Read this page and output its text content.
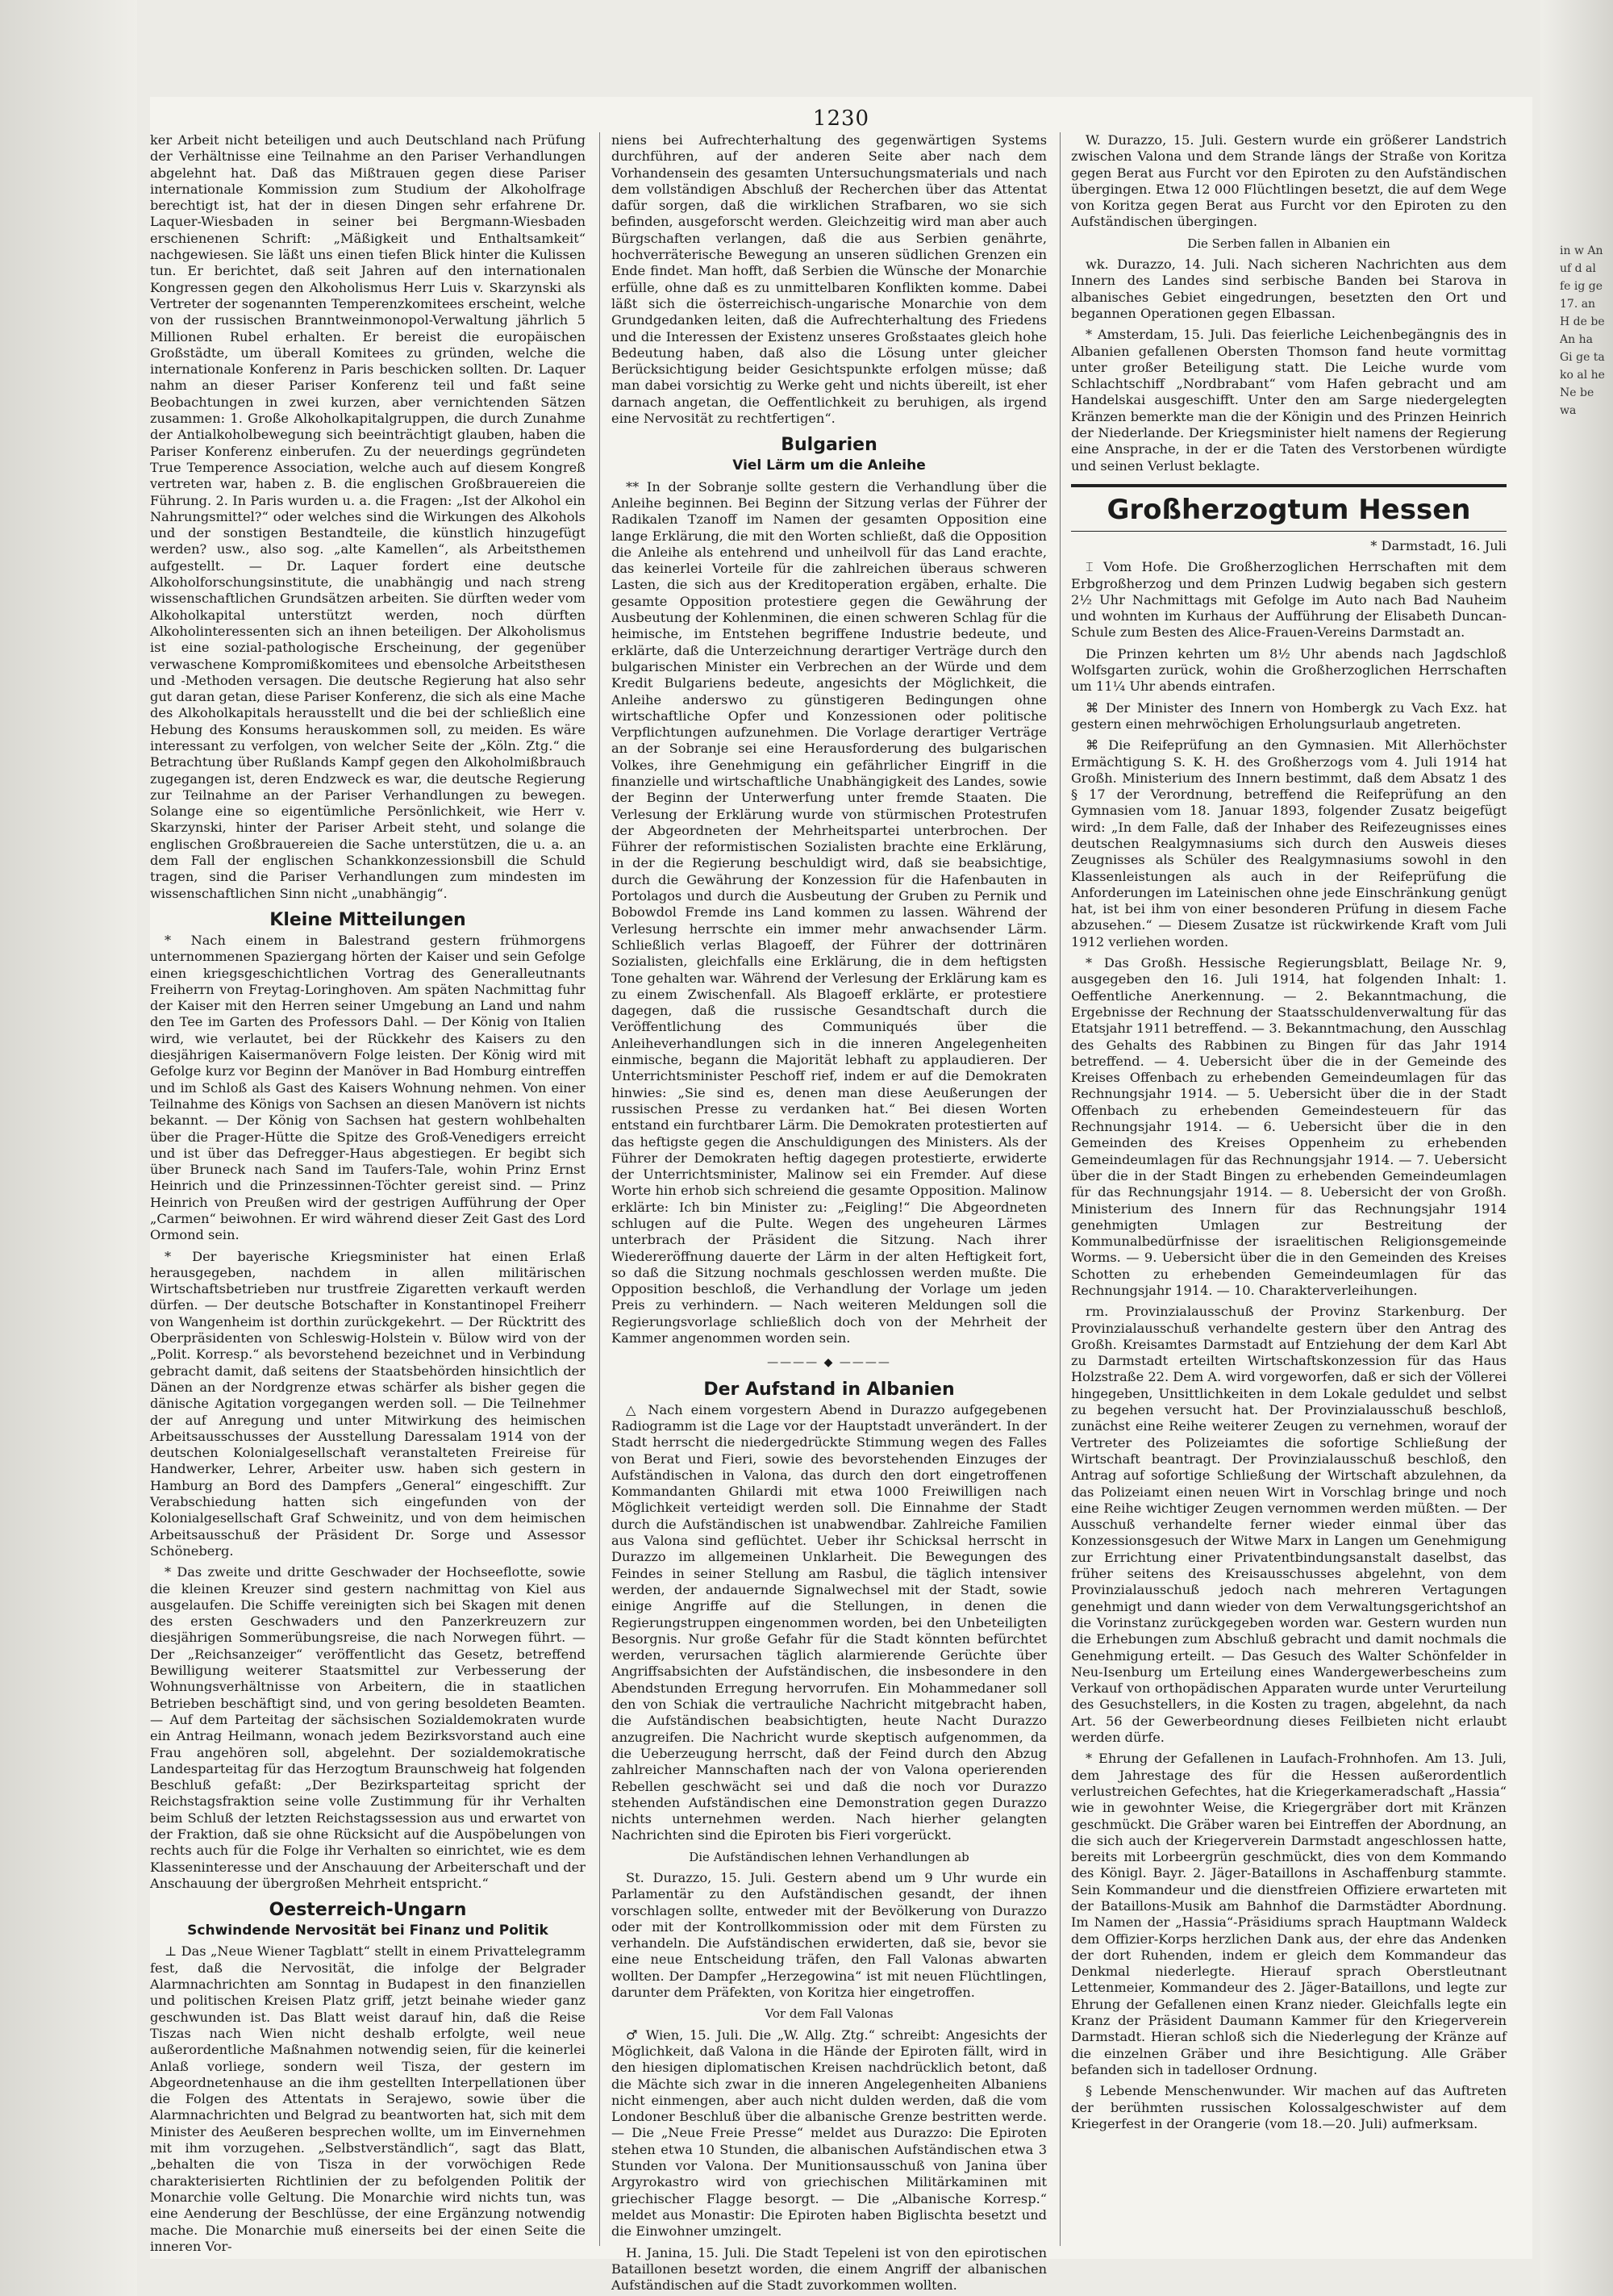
in w An uf d al fe ig ge 17. an H de be An ha Gi ge ta ko al he Ne be wa
1230

ker Arbeit nicht beteiligen und auch Deutschland nach Prüfung der Verhältnisse eine Teilnahme an den Pariser Verhandlungen abgelehnt hat. Daß das Mißtrauen gegen diese Pariser internationale Kommission zum Studium der Alkoholfrage berechtigt ist, hat der in diesen Dingen sehr erfahrene Dr. Laquer-Wiesbaden in seiner bei Bergmann-Wiesbaden erschienenen Schrift: „Mäßigkeit und Enthaltsamkeit“ nachgewiesen. Sie läßt uns einen tiefen Blick hinter die Kulissen tun. Er berichtet, daß seit Jahren auf den internationalen Kongressen gegen den Alkoholismus Herr Luis v. Skarzynski als Vertreter der sogenannten Temperenzkomitees erscheint, welche von der russischen Branntweinmonopol-Verwaltung jährlich 5 Millionen Rubel erhalten. Er bereist die europäischen Großstädte, um überall Komitees zu gründen, welche die internationale Konferenz in Paris beschicken sollten. Dr. Laquer nahm an dieser Pariser Konferenz teil und faßt seine Beobachtungen in zwei kurzen, aber vernichtenden Sätzen zusammen: 1. Große Alkoholkapitalgruppen, die durch Zunahme der Antialkoholbewegung sich beeinträchtigt glauben, haben die Pariser Konferenz einberufen. Zu der neuerdings gegründeten True Temperence Association, welche auch auf diesem Kongreß vertreten war, haben z. B. die englischen Großbrauereien die Führung. 2. In Paris wurden u. a. die Fragen: „Ist der Alkohol ein Nahrungsmittel?“ oder welches sind die Wirkungen des Alkohols und der sonstigen Bestandteile, die künstlich hinzugefügt werden? usw., also sog. „alte Kamellen“, als Arbeitsthemen aufgestellt. — Dr. Laquer fordert eine deutsche Alkoholforschungsinstitute, die unabhängig und nach streng wissenschaftlichen Grundsätzen arbeiten. Sie dürften weder vom Alkoholkapital unterstützt werden, noch dürften Alkoholinteressenten sich an ihnen beteiligen. Der Alkoholismus ist eine sozial-pathologische Erscheinung, der gegenüber verwaschene Kompromißkomitees und ebensolche Arbeitsthesen und -Methoden versagen. Die deutsche Regierung hat also sehr gut daran getan, diese Pariser Konferenz, die sich als eine Mache des Alkoholkapitals herausstellt und die bei der schließlich eine Hebung des Konsums herauskommen soll, zu meiden. Es wäre interessant zu verfolgen, von welcher Seite der „Köln. Ztg.“ die Betrachtung über Rußlands Kampf gegen den Alkoholmißbrauch zugegangen ist, deren Endzweck es war, die deutsche Regierung zur Teilnahme an der Pariser Verhandlungen zu bewegen. Solange eine so eigentümliche Persönlichkeit, wie Herr v. Skarzynski, hinter der Pariser Arbeit steht, und solange die englischen Großbrauereien die Sache unterstützen, die u. a. an dem Fall der englischen Schankkonzessionsbill die Schuld tragen, sind die Pariser Verhandlungen zum mindesten im wissenschaftlichen Sinn nicht „unabhängig“.

Kleine Mitteilungen

* Nach einem in Balestrand gestern frühmorgens unternommenen Spaziergang hörten der Kaiser und sein Gefolge einen kriegsgeschichtlichen Vortrag des Generalleutnants Freiherrn von Freytag-Loringhoven. Am späten Nachmittag fuhr der Kaiser mit den Herren seiner Umgebung an Land und nahm den Tee im Garten des Professors Dahl. — Der König von Italien wird, wie verlautet, bei der Rückkehr des Kaisers zu den diesjährigen Kaisermanövern Folge leisten. Der König wird mit Gefolge kurz vor Beginn der Manöver in Bad Homburg eintreffen und im Schloß als Gast des Kaisers Wohnung nehmen. Von einer Teilnahme des Königs von Sachsen an diesen Manövern ist nichts bekannt. — Der König von Sachsen hat gestern wohlbehalten über die Prager-Hütte die Spitze des Groß-Venedigers erreicht und ist über das Defregger-Haus abgestiegen. Er begibt sich über Bruneck nach Sand im Taufers-Tale, wohin Prinz Ernst Heinrich und die Prinzessinnen-Töchter gereist sind. — Prinz Heinrich von Preußen wird der gestrigen Aufführung der Oper „Carmen“ beiwohnen. Er wird während dieser Zeit Gast des Lord Ormond sein.

* Der bayerische Kriegsminister hat einen Erlaß herausgegeben, nachdem in allen militärischen Wirtschaftsbetrieben nur trustfreie Zigaretten verkauft werden dürfen. — Der deutsche Botschafter in Konstantinopel Freiherr von Wangenheim ist dorthin zurückgekehrt. — Der Rücktritt des Oberpräsidenten von Schleswig-Holstein v. Bülow wird von der „Polit. Korresp.“ als bevorstehend bezeichnet und in Verbindung gebracht damit, daß seitens der Staatsbehörden hinsichtlich der Dänen an der Nordgrenze etwas schärfer als bisher gegen die dänische Agitation vorgegangen werden soll. — Die Teilnehmer der auf Anregung und unter Mitwirkung des heimischen Arbeitsausschusses der Ausstellung Daressalam 1914 von der deutschen Kolonialgesellschaft veranstalteten Freireise für Handwerker, Lehrer, Arbeiter usw. haben sich gestern in Hamburg an Bord des Dampfers „General“ eingeschifft. Zur Verabschiedung hatten sich eingefunden von der Kolonialgesellschaft Graf Schweinitz, und von dem heimischen Arbeitsausschuß der Präsident Dr. Sorge und Assessor Schöneberg.

* Das zweite und dritte Geschwader der Hochseeflotte, sowie die kleinen Kreuzer sind gestern nachmittag von Kiel aus ausgelaufen. Die Schiffe vereinigten sich bei Skagen mit denen des ersten Geschwaders und den Panzerkreuzern zur diesjährigen Sommerübungsreise, die nach Norwegen führt. — Der „Reichsanzeiger“ veröffentlicht das Gesetz, betreffend Bewilligung weiterer Staatsmittel zur Verbesserung der Wohnungsverhältnisse von Arbeitern, die in staatlichen Betrieben beschäftigt sind, und von gering besoldeten Beamten. — Auf dem Parteitag der sächsischen Sozialdemokraten wurde ein Antrag Heilmann, wonach jedem Bezirksvorstand auch eine Frau angehören soll, abgelehnt. Der sozialdemokratische Landesparteitag für das Herzogtum Braunschweig hat folgenden Beschluß gefaßt: „Der Bezirksparteitag spricht der Reichstagsfraktion seine volle Zustimmung für ihr Verhalten beim Schluß der letzten Reichstagssession aus und erwartet von der Fraktion, daß sie ohne Rücksicht auf die Auspöbelungen von rechts auch für die Folge ihr Verhalten so einrichtet, wie es dem Klasseninteresse und der Anschauung der Arbeiterschaft und der Anschauung der übergroßen Mehrheit entspricht.“

Oesterreich-Ungarn
Schwindende Nervosität bei Finanz und Politik

⊥ Das „Neue Wiener Tagblatt“ stellt in einem Privattelegramm fest, daß die Nervosität, die infolge der Belgrader Alarmnachrichten am Sonntag in Budapest in den finanziellen und politischen Kreisen Platz griff, jetzt beinahe wieder ganz geschwunden ist. Das Blatt weist darauf hin, daß die Reise Tiszas nach Wien nicht deshalb erfolgte, weil neue außerordentliche Maßnahmen notwendig seien, für die keinerlei Anlaß vorliege, sondern weil Tisza, der gestern im Abgeordnetenhause an die ihm gestellten Interpellationen über die Folgen des Attentats in Serajewo, sowie über die Alarmnachrichten und Belgrad zu beantworten hat, sich mit dem Minister des Aeußeren besprechen wollte, um im Einvernehmen mit ihm vorzugehen. „Selbstverständlich“, sagt das Blatt, „behalten die von Tisza in der vorwöchigen Rede charakterisierten Richtlinien der zu befolgenden Politik der Monarchie volle Geltung. Die Monarchie wird nichts tun, was eine Aenderung der Beschlüsse, der eine Ergänzung notwendig mache. Die Monarchie muß einerseits bei der einen Seite die inneren Vor-

niens bei Aufrechterhaltung des gegenwärtigen Systems durchführen, auf der anderen Seite aber nach dem Vorhandensein des gesamten Untersuchungsmaterials und nach dem vollständigen Abschluß der Recherchen über das Attentat dafür sorgen, daß die wirklichen Strafbaren, wo sie sich befinden, ausgeforscht werden. Gleichzeitig wird man aber auch Bürgschaften verlangen, daß die aus Serbien genährte, hochverräterische Bewegung an unseren südlichen Grenzen ein Ende findet. Man hofft, daß Serbien die Wünsche der Monarchie erfülle, ohne daß es zu unmittelbaren Konflikten komme. Dabei läßt sich die österreichisch-ungarische Monarchie von dem Grundgedanken leiten, daß die Aufrechterhaltung des Friedens und die Interessen der Existenz unseres Großstaates gleich hohe Bedeutung haben, daß also die Lösung unter gleicher Berücksichtigung beider Gesichtspunkte erfolgen müsse; daß man dabei vorsichtig zu Werke geht und nichts übereilt, ist eher darnach angetan, die Oeffentlichkeit zu beruhigen, als irgend eine Nervosität zu rechtfertigen“.

Bulgarien
Viel Lärm um die Anleihe

** In der Sobranje sollte gestern die Verhandlung über die Anleihe beginnen. Bei Beginn der Sitzung verlas der Führer der Radikalen Tzanoff im Namen der gesamten Opposition eine lange Erklärung, die mit den Worten schließt, daß die Opposition die Anleihe als entehrend und unheilvoll für das Land erachte, das keinerlei Vorteile für die zahlreichen überaus schweren Lasten, die sich aus der Kreditoperation ergäben, erhalte. Die gesamte Opposition protestiere gegen die Gewährung der Ausbeutung der Kohlenminen, die einen schweren Schlag für die heimische, im Entstehen begriffene Industrie bedeute, und erklärte, daß die Unterzeichnung derartiger Verträge durch den bulgarischen Minister ein Verbrechen an der Würde und dem Kredit Bulgariens bedeute, angesichts der Möglichkeit, die Anleihe anderswo zu günstigeren Bedingungen ohne wirtschaftliche Opfer und Konzessionen oder politische Verpflichtungen aufzunehmen. Die Vorlage derartiger Verträge an der Sobranje sei eine Herausforderung des bulgarischen Volkes, ihre Genehmigung ein gefährlicher Eingriff in die finanzielle und wirtschaftliche Unabhängigkeit des Landes, sowie der Beginn der Unterwerfung unter fremde Staaten. Die Verlesung der Erklärung wurde von stürmischen Protestrufen der Abgeordneten der Mehrheitspartei unterbrochen. Der Führer der reformistischen Sozialisten brachte eine Erklärung, in der die Regierung beschuldigt wird, daß sie beabsichtige, durch die Gewährung der Konzession für die Hafenbauten in Portolagos und durch die Ausbeutung der Gruben zu Pernik und Bobowdol Fremde ins Land kommen zu lassen. Während der Verlesung herrschte ein immer mehr anwachsender Lärm. Schließlich verlas Blagoeff, der Führer der dottrinären Sozialisten, gleichfalls eine Erklärung, die in dem heftigsten Tone gehalten war. Während der Verlesung der Erklärung kam es zu einem Zwischenfall. Als Blagoeff erklärte, er protestiere dagegen, daß die russische Gesandtschaft durch die Veröffentlichung des Communiqués über die Anleiheverhandlungen sich in die inneren Angelegenheiten einmische, begann die Majorität lebhaft zu applaudieren. Der Unterrichtsminister Peschoff rief, indem er auf die Demokraten hinwies: „Sie sind es, denen man diese Aeußerungen der russischen Presse zu verdanken hat.“ Bei diesen Worten entstand ein furchtbarer Lärm. Die Demokraten protestierten auf das heftigste gegen die Anschuldigungen des Ministers. Als der Führer der Demokraten heftig dagegen protestierte, erwiderte der Unterrichtsminister, Malinow sei ein Fremder. Auf diese Worte hin erhob sich schreiend die gesamte Opposition. Malinow erklärte: Ich bin Minister zu: „Feigling!“ Die Abgeordneten schlugen auf die Pulte. Wegen des ungeheuren Lärmes unterbrach der Präsident die Sitzung. Nach ihrer Wiedereröffnung dauerte der Lärm in der alten Heftigkeit fort, so daß die Sitzung nochmals geschlossen werden mußte. Die Opposition beschloß, die Verhandlung der Vorlage um jeden Preis zu verhindern. — Nach weiteren Meldungen soll die Regierungsvorlage schließlich doch von der Mehrheit der Kammer angenommen worden sein.

———— ◆ ————
Der Aufstand in Albanien

△ Nach einem vorgestern Abend in Durazzo aufgegebenen Radiogramm ist die Lage vor der Hauptstadt unverändert. In der Stadt herrscht die niedergedrückte Stimmung wegen des Falles von Berat und Fieri, sowie des bevorstehenden Einzuges der Aufständischen in Valona, das durch den dort eingetroffenen Kommandanten Ghilardi mit etwa 1000 Freiwilligen nach Möglichkeit verteidigt werden soll. Die Einnahme der Stadt durch die Aufständischen ist unabwendbar. Zahlreiche Familien aus Valona sind geflüchtet. Ueber ihr Schicksal herrscht in Durazzo im allgemeinen Unklarheit. Die Bewegungen des Feindes in seiner Stellung am Rasbul, die täglich intensiver werden, der andauernde Signalwechsel mit der Stadt, sowie einige Angriffe auf die Stellungen, in denen die Regierungstruppen eingenommen worden, bei den Unbeteiligten Besorgnis. Nur große Gefahr für die Stadt könnten befürchtet werden, verursachen täglich alarmierende Gerüchte über Angriffsabsichten der Aufständischen, die insbesondere in den Abendstunden Erregung hervorrufen. Ein Mohammedaner soll den von Schiak die vertrauliche Nachricht mitgebracht haben, die Aufständischen beabsichtigten, heute Nacht Durazzo anzugreifen. Die Nachricht wurde skeptisch aufgenommen, da die Ueberzeugung herrscht, daß der Feind durch den Abzug zahlreicher Mannschaften nach der von Valona operierenden Rebellen geschwächt sei und daß die noch vor Durazzo stehenden Aufständischen eine Demonstration gegen Durazzo nichts unternehmen werden. Nach hierher gelangten Nachrichten sind die Epiroten bis Fieri vorgerückt.

Die Aufständischen lehnen Verhandlungen ab

St. Durazzo, 15. Juli. Gestern abend um 9 Uhr wurde ein Parlamentär zu den Aufständischen gesandt, der ihnen vorschlagen sollte, entweder mit der Bevölkerung von Durazzo oder mit der Kontrollkommission oder mit dem Fürsten zu verhandeln. Die Aufständischen erwiderten, daß sie, bevor sie eine neue Entscheidung träfen, den Fall Valonas abwarten wollten. Der Dampfer „Herzegowina“ ist mit neuen Flüchtlingen, darunter dem Präfekten, von Koritza hier eingetroffen.

Vor dem Fall Valonas

♂ Wien, 15. Juli. Die „W. Allg. Ztg.“ schreibt: Angesichts der Möglichkeit, daß Valona in die Hände der Epiroten fällt, wird in den hiesigen diplomatischen Kreisen nachdrücklich betont, daß die Mächte sich zwar in die inneren Angelegenheiten Albaniens nicht einmengen, aber auch nicht dulden werden, daß die vom Londoner Beschluß über die albanische Grenze bestritten werde. — Die „Neue Freie Presse“ meldet aus Durazzo: Die Epiroten stehen etwa 10 Stunden, die albanischen Aufständischen etwa 3 Stunden vor Valona. Der Munitionsausschuß von Janina über Argyrokastro wird von griechischen Militärkaminen mit griechischer Flagge besorgt. — Die „Albanische Korresp.“ meldet aus Monastir: Die Epiroten haben Biglischta besetzt und die Einwohner umzingelt.

H. Janina, 15. Juli. Die Stadt Tepeleni ist von den epirotischen Bataillonen besetzt worden, die einem Angriff der albanischen Aufständischen auf die Stadt zuvorkommen wollten.

W. Durazzo, 15. Juli. Gestern wurde ein größerer Landstrich zwischen Valona und dem Strande längs der Straße von Koritza gegen Berat aus Furcht vor den Epiroten zu den Aufständischen übergingen. Etwa 12 000 Flüchtlingen besetzt, die auf dem Wege von Koritza gegen Berat aus Furcht vor den Epiroten zu den Aufständischen übergingen.

Die Serben fallen in Albanien ein

wk. Durazzo, 14. Juli. Nach sicheren Nachrichten aus dem Innern des Landes sind serbische Banden bei Starova in albanisches Gebiet eingedrungen, besetzten den Ort und begannen Operationen gegen Elbassan.

* Amsterdam, 15. Juli. Das feierliche Leichenbegängnis des in Albanien gefallenen Obersten Thomson fand heute vormittag unter großer Beteiligung statt. Die Leiche wurde vom Schlachtschiff „Nordbrabant“ vom Hafen gebracht und am Handelskai ausgeschifft. Unter den am Sarge niedergelegten Kränzen bemerkte man die der Königin und des Prinzen Heinrich der Niederlande. Der Kriegsminister hielt namens der Regierung eine Ansprache, in der er die Taten des Verstorbenen würdigte und seinen Verlust beklagte.

Großherzogtum Hessen

* Darmstadt, 16. Juli

⌶ Vom Hofe. Die Großherzoglichen Herrschaften mit dem Erbgroßherzog und dem Prinzen Ludwig begaben sich gestern 2½ Uhr Nachmittags mit Gefolge im Auto nach Bad Nauheim und wohnten im Kurhaus der Aufführung der Elisabeth Duncan-Schule zum Besten des Alice-Frauen-Vereins Darmstadt an.

Die Prinzen kehrten um 8½ Uhr abends nach Jagdschloß Wolfsgarten zurück, wohin die Großherzoglichen Herrschaften um 11¼ Uhr abends eintrafen.

⌘ Der Minister des Innern von Hombergk zu Vach Exz. hat gestern einen mehrwöchigen Erholungsurlaub angetreten.

⌘ Die Reifeprüfung an den Gymnasien. Mit Allerhöchster Ermächtigung S. K. H. des Großherzogs vom 4. Juli 1914 hat Großh. Ministerium des Innern bestimmt, daß dem Absatz 1 des § 17 der Verordnung, betreffend die Reifeprüfung an den Gymnasien vom 18. Januar 1893, folgender Zusatz beigefügt wird: „In dem Falle, daß der Inhaber des Reifezeugnisses eines deutschen Realgymnasiums sich durch den Ausweis dieses Zeugnisses als Schüler des Realgymnasiums sowohl in den Klassenleistungen als auch in der Reifeprüfung die Anforderungen im Lateinischen ohne jede Einschränkung genügt hat, ist bei ihm von einer besonderen Prüfung in diesem Fache abzusehen.“ — Diesem Zusatze ist rückwirkende Kraft vom Juli 1912 verliehen worden.

* Das Großh. Hessische Regierungsblatt, Beilage Nr. 9, ausgegeben den 16. Juli 1914, hat folgenden Inhalt: 1. Oeffentliche Anerkennung. — 2. Bekanntmachung, die Ergebnisse der Rechnung der Staatsschuldenverwaltung für das Etatsjahr 1911 betreffend. — 3. Bekanntmachung, den Ausschlag des Gehalts des Rabbinen zu Bingen für das Jahr 1914 betreffend. — 4. Uebersicht über die in der Gemeinde des Kreises Offenbach zu erhebenden Gemeindeumlagen für das Rechnungsjahr 1914. — 5. Uebersicht über die in der Stadt Offenbach zu erhebenden Gemeindesteuern für das Rechnungsjahr 1914. — 6. Uebersicht über die in den Gemeinden des Kreises Oppenheim zu erhebenden Gemeindeumlagen für das Rechnungsjahr 1914. — 7. Uebersicht über die in der Stadt Bingen zu erhebenden Gemeindeumlagen für das Rechnungsjahr 1914. — 8. Uebersicht der von Großh. Ministerium des Innern für das Rechnungsjahr 1914 genehmigten Umlagen zur Bestreitung der Kommunalbedürfnisse der israelitischen Religionsgemeinde Worms. — 9. Uebersicht über die in den Gemeinden des Kreises Schotten zu erhebenden Gemeindeumlagen für das Rechnungsjahr 1914. — 10. Charakterverleihungen.

rm. Provinzialausschuß der Provinz Starkenburg. Der Provinzialausschuß verhandelte gestern über den Antrag des Großh. Kreisamtes Darmstadt auf Entziehung der dem Karl Abt zu Darmstadt erteilten Wirtschaftskonzession für das Haus Holzstraße 22. Dem A. wird vorgeworfen, daß er sich der Völlerei hingegeben, Unsittlichkeiten in dem Lokale geduldet und selbst zu begehen versucht hat. Der Provinzialausschuß beschloß, zunächst eine Reihe weiterer Zeugen zu vernehmen, worauf der Vertreter des Polizeiamtes die sofortige Schließung der Wirtschaft beantragt. Der Provinzialausschuß beschloß, den Antrag auf sofortige Schließung der Wirtschaft abzulehnen, da das Polizeiamt einen neuen Wirt in Vorschlag bringe und noch eine Reihe wichtiger Zeugen vernommen werden müßten. — Der Ausschuß verhandelte ferner wieder einmal über das Konzessionsgesuch der Witwe Marx in Langen um Genehmigung zur Errichtung einer Privatentbindungsanstalt daselbst, das früher seitens des Kreisausschusses abgelehnt, von dem Provinzialausschuß jedoch nach mehreren Vertagungen genehmigt und dann wieder von dem Verwaltungsgerichtshof an die Vorinstanz zurückgegeben worden war. Gestern wurden nun die Erhebungen zum Abschluß gebracht und damit nochmals die Genehmigung erteilt. — Das Gesuch des Walter Schönfelder in Neu-Isenburg um Erteilung eines Wandergewerbescheins zum Verkauf von orthopädischen Apparaten wurde unter Verurteilung des Gesuchstellers, in die Kosten zu tragen, abgelehnt, da nach Art. 56 der Gewerbeordnung dieses Feilbieten nicht erlaubt werden dürfe.

* Ehrung der Gefallenen in Laufach-Frohnhofen. Am 13. Juli, dem Jahrestage des für die Hessen außerordentlich verlustreichen Gefechtes, hat die Kriegerkameradschaft „Hassia“ wie in gewohnter Weise, die Kriegergräber dort mit Kränzen geschmückt. Die Gräber waren bei Eintreffen der Abordnung, an die sich auch der Kriegerverein Darmstadt angeschlossen hatte, bereits mit Lorbeergrün geschmückt, dies von dem Kommando des Königl. Bayr. 2. Jäger-Bataillons in Aschaffenburg stammte. Sein Kommandeur und die dienstfreien Offiziere erwarteten mit der Bataillons-Musik am Bahnhof die Darmstädter Abordnung. Im Namen der „Hassia“-Präsidiums sprach Hauptmann Waldeck dem Offizier-Korps herzlichen Dank aus, der ehre das Andenken der dort Ruhenden, indem er gleich dem Kommandeur das Denkmal niederlegte. Hierauf sprach Oberstleutnant Lettenmeier, Kommandeur des 2. Jäger-Bataillons, und legte zur Ehrung der Gefallenen einen Kranz nieder. Gleichfalls legte ein Kranz der Präsident Daumann Kammer für den Kriegerverein Darmstadt. Hieran schloß sich die Niederlegung der Kränze auf die einzelnen Gräber und ihre Besichtigung. Alle Gräber befanden sich in tadelloser Ordnung.

§ Lebende Menschenwunder. Wir machen auf das Auftreten der berühmten russischen Kolossalgeschwister auf dem Kriegerfest in der Orangerie (vom 18.—20. Juli) aufmerksam.
